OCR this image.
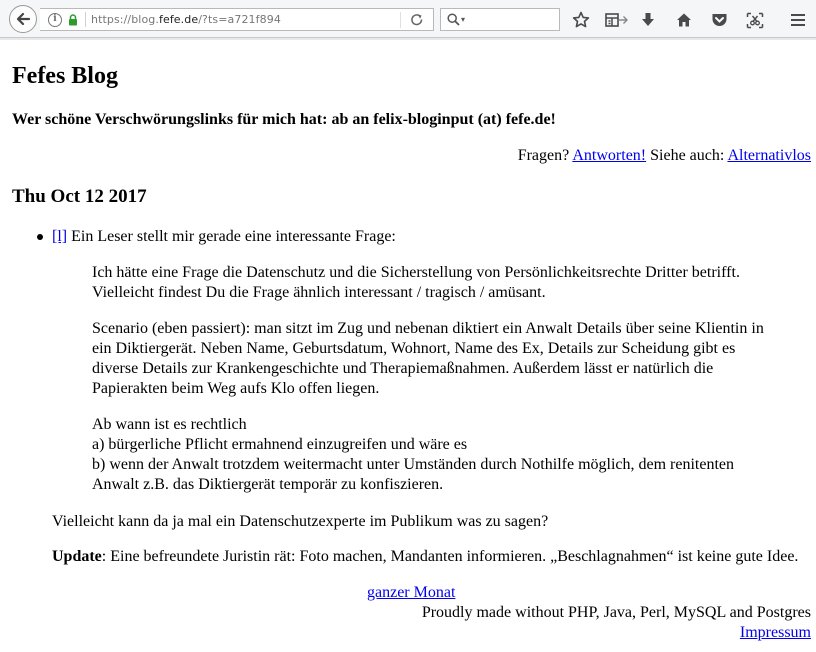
i	https://blog.fefe.de/?ts=a721f894	▾
Fefes Blog
Wer schöne Verschwörungslinks für mich hat: ab an felix-bloginput (at) fefe.de!
Fragen? Antworten! Siehe auch: Alternativlos
Thu Oct 12 2017
[l] Ein Leser stellt mir gerade eine interessante Frage:

Ich hätte eine Frage die Datenschutz und die Sicherstellung von Persönlichkeitsrechte Dritter betrifft.
Vielleicht findest Du die Frage ähnlich interessant / tragisch / amüsant.

Scenario (eben passiert): man sitzt im Zug und nebenan diktiert ein Anwalt Details über seine Klientin in
ein Diktiergerät. Neben Name, Geburtsdatum, Wohnort, Name des Ex, Details zur Scheidung gibt es
diverse Details zur Krankengeschichte und Therapiemaßnahmen. Außerdem lässt er natürlich die
Papierakten beim Weg aufs Klo offen liegen.

Ab wann ist es rechtlich
a) bürgerliche Pflicht ermahnend einzugreifen und wäre es
b) wenn der Anwalt trotzdem weitermacht unter Umständen durch Nothilfe möglich, dem renitenten
Anwalt z.B. das Diktiergerät temporär zu konfiszieren.

Vielleicht kann da ja mal ein Datenschutzexperte im Publikum was zu sagen?
Update: Eine befreundete Juristin rät: Foto machen, Mandanten informieren. „Beschlagnahmen“ ist keine gute Idee.
ganzer Monat
Proudly made without PHP, Java, Perl, MySQL and Postgres
Impressum
